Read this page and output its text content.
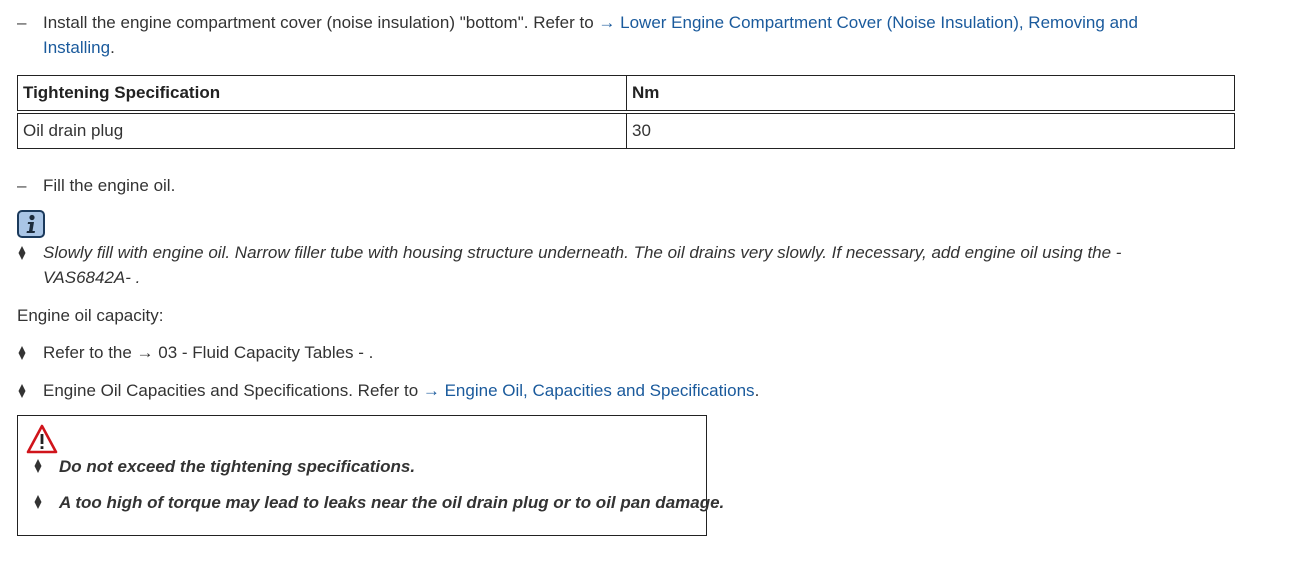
– Install the engine compartment cover (noise insulation) "bottom". Refer to → Lower Engine Compartment Cover (Noise Insulation), Removing and
Installing.
Tightening Specification	Nm
Oil drain plug	30
– Fill the engine oil.
Slowly fill with engine oil. Narrow filler tube with housing structure underneath. The oil drains very slowly. If necessary, add engine oil using the -
VAS6842A- .
Engine oil capacity:
Refer to the → 03 - Fluid Capacity Tables - .
Engine Oil Capacities and Specifications. Refer to → Engine Oil, Capacities and Specifications.
Do not exceed the tightening specifications.
A too high of torque may lead to leaks near the oil drain plug or to oil pan damage.
